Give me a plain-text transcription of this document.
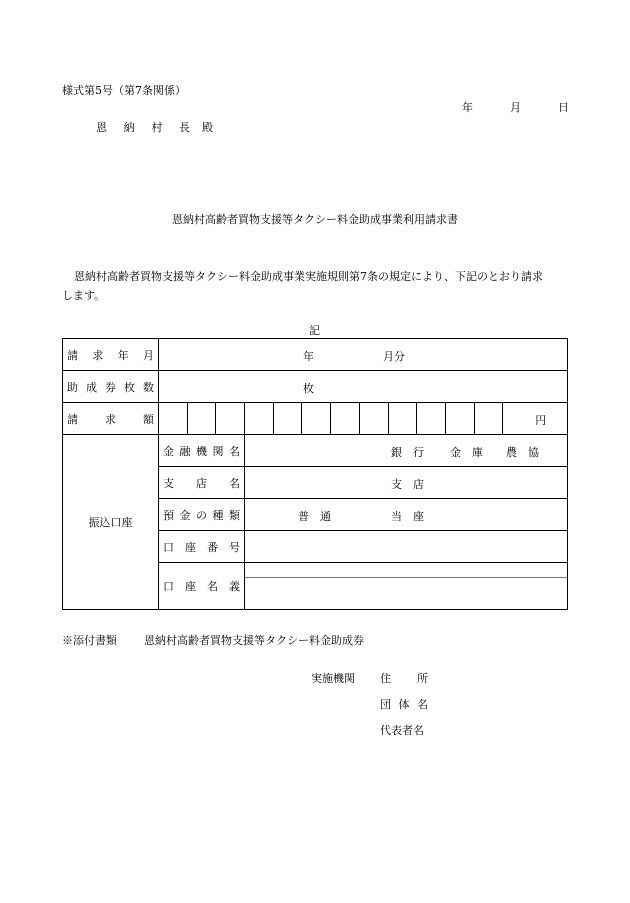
様式第5号（第7条関係）
年	月	日
恩 納 村 長 殿
恩納村高齢者買物支援等タクシー料金助成事業利用請求書
恩納村高齢者買物支援等タクシー料金助成事業実施規則第7条の規定により、下記のとおり請求
します。
記
請 求 年 月	年 月分	

助 成 券 枚 数	枚	

請 求 額	円	

振込口座	金 融 機 関 名	銀　行 金　庫 農　協

	支 店 名	支　店

	預 金 の 種 類	普　通 当　座

	口 座 番 号	

	口 座 名 義	

※添付書類 恩納村高齢者買物支援等タクシー料金助成券
実施機関 住 所
団 体 名
代表者名
